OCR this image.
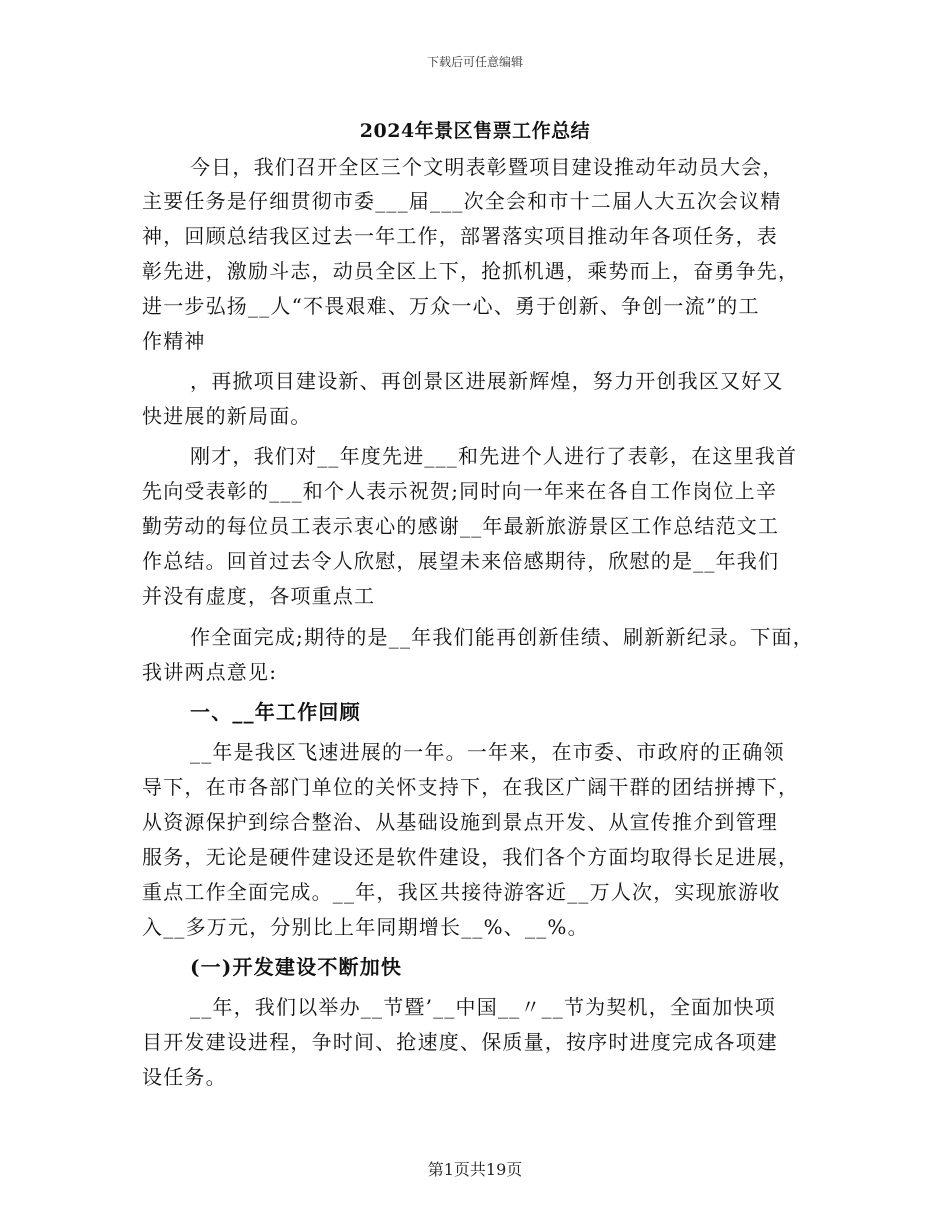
下载后可任意编辑
2024年景区售票工作总结
今日，我们召开全区三个文明表彰暨项目建设推动年动员大会，
主要任务是仔细贯彻市委___届___次全会和市十二届人大五次会议精
神，回顾总结我区过去一年工作，部署落实项目推动年各项任务，表
彰先进，激励斗志，动员全区上下，抢抓机遇，乘势而上，奋勇争先，
进一步弘扬__人“不畏艰难、万众一心、勇于创新、争创一流”的工
作精神
，再掀项目建设新、再创景区进展新辉煌，努力开创我区又好又
快进展的新局面。
刚才，我们对__年度先进___和先进个人进行了表彰，在这里我首
先向受表彰的___和个人表示祝贺;同时向一年来在各自工作岗位上辛
勤劳动的每位员工表示衷心的感谢__年最新旅游景区工作总结范文工
作总结。回首过去令人欣慰，展望未来倍感期待，欣慰的是__年我们
并没有虚度，各项重点工
作全面完成;期待的是__年我们能再创新佳绩、刷新新纪录。下面，
我讲两点意见:
一、__年工作回顾
__年是我区飞速进展的一年。一年来，在市委、市政府的正确领
导下，在市各部门单位的关怀支持下，在我区广阔干群的团结拼搏下，
从资源保护到综合整治、从基础设施到景点开发、从宣传推介到管理
服务，无论是硬件建设还是软件建设，我们各个方面均取得长足进展，
重点工作全面完成。__年，我区共接待游客近__万人次，实现旅游收
入__多万元，分别比上年同期增长__%、__%。
(一)开发建设不断加快
__年，我们以举办__节暨’__中国__〃__节为契机，全面加快项
目开发建设进程，争时间、抢速度、保质量，按序时进度完成各项建
设任务。
第1页共19页
